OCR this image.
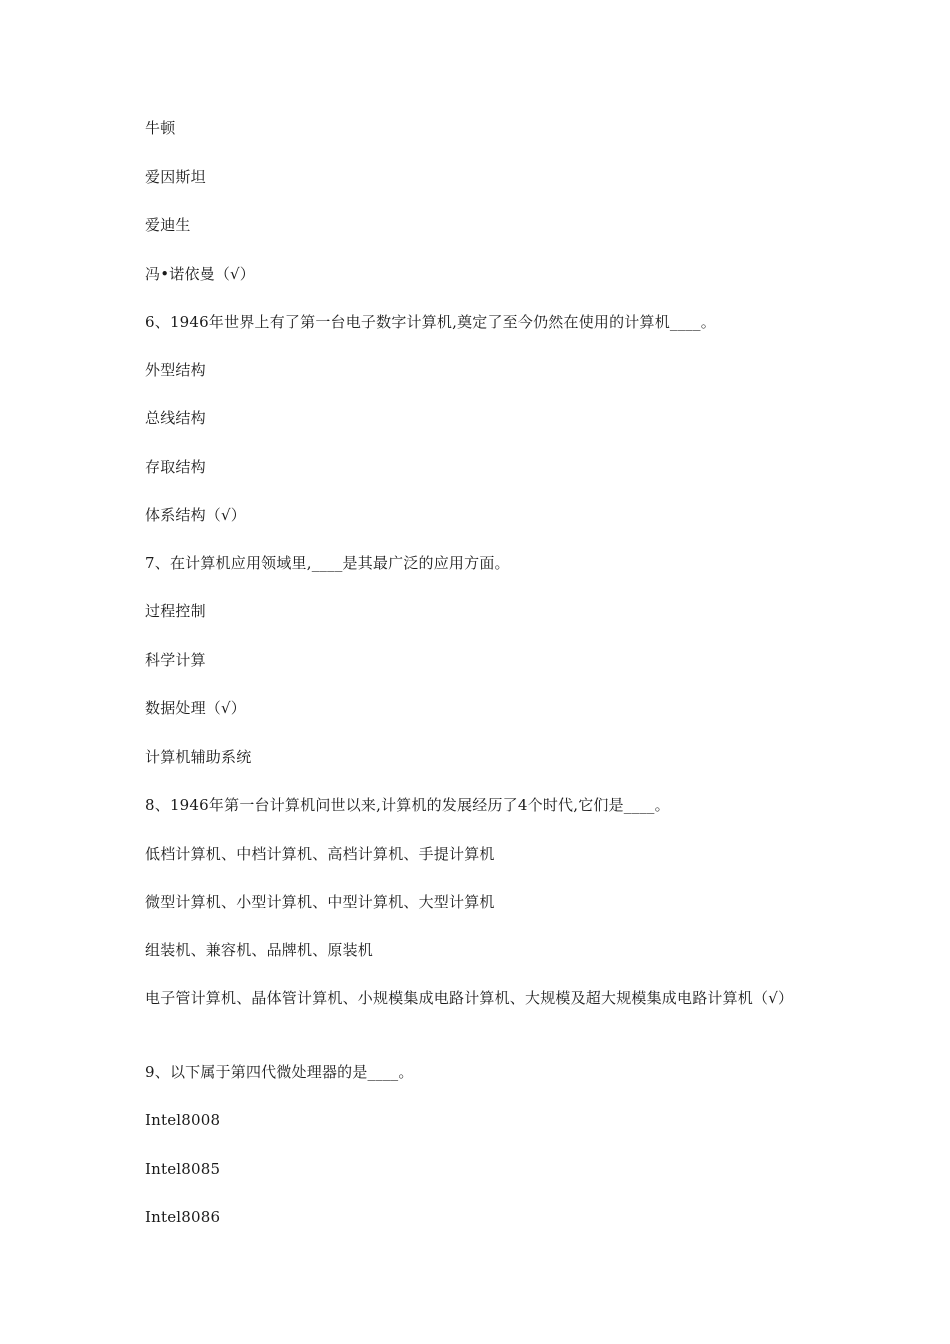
牛顿
爱因斯坦
爱迪生
冯•诺依曼（√）
6、1946年世界上有了第一台电子数字计算机,奠定了至今仍然在使用的计算机____。
外型结构
总线结构
存取结构
体系结构（√）
7、在计算机应用领域里,____是其最广泛的应用方面。
过程控制
科学计算
数据处理（√）
计算机辅助系统
8、1946年第一台计算机问世以来,计算机的发展经历了4个时代,它们是____。
低档计算机、中档计算机、高档计算机、手提计算机
微型计算机、小型计算机、中型计算机、大型计算机
组装机、兼容机、品牌机、原装机
电子管计算机、晶体管计算机、小规模集成电路计算机、大规模及超大规模集成电路计算机（√）
9、以下属于第四代微处理器的是____。
Intel8008
Intel8085
Intel8086
